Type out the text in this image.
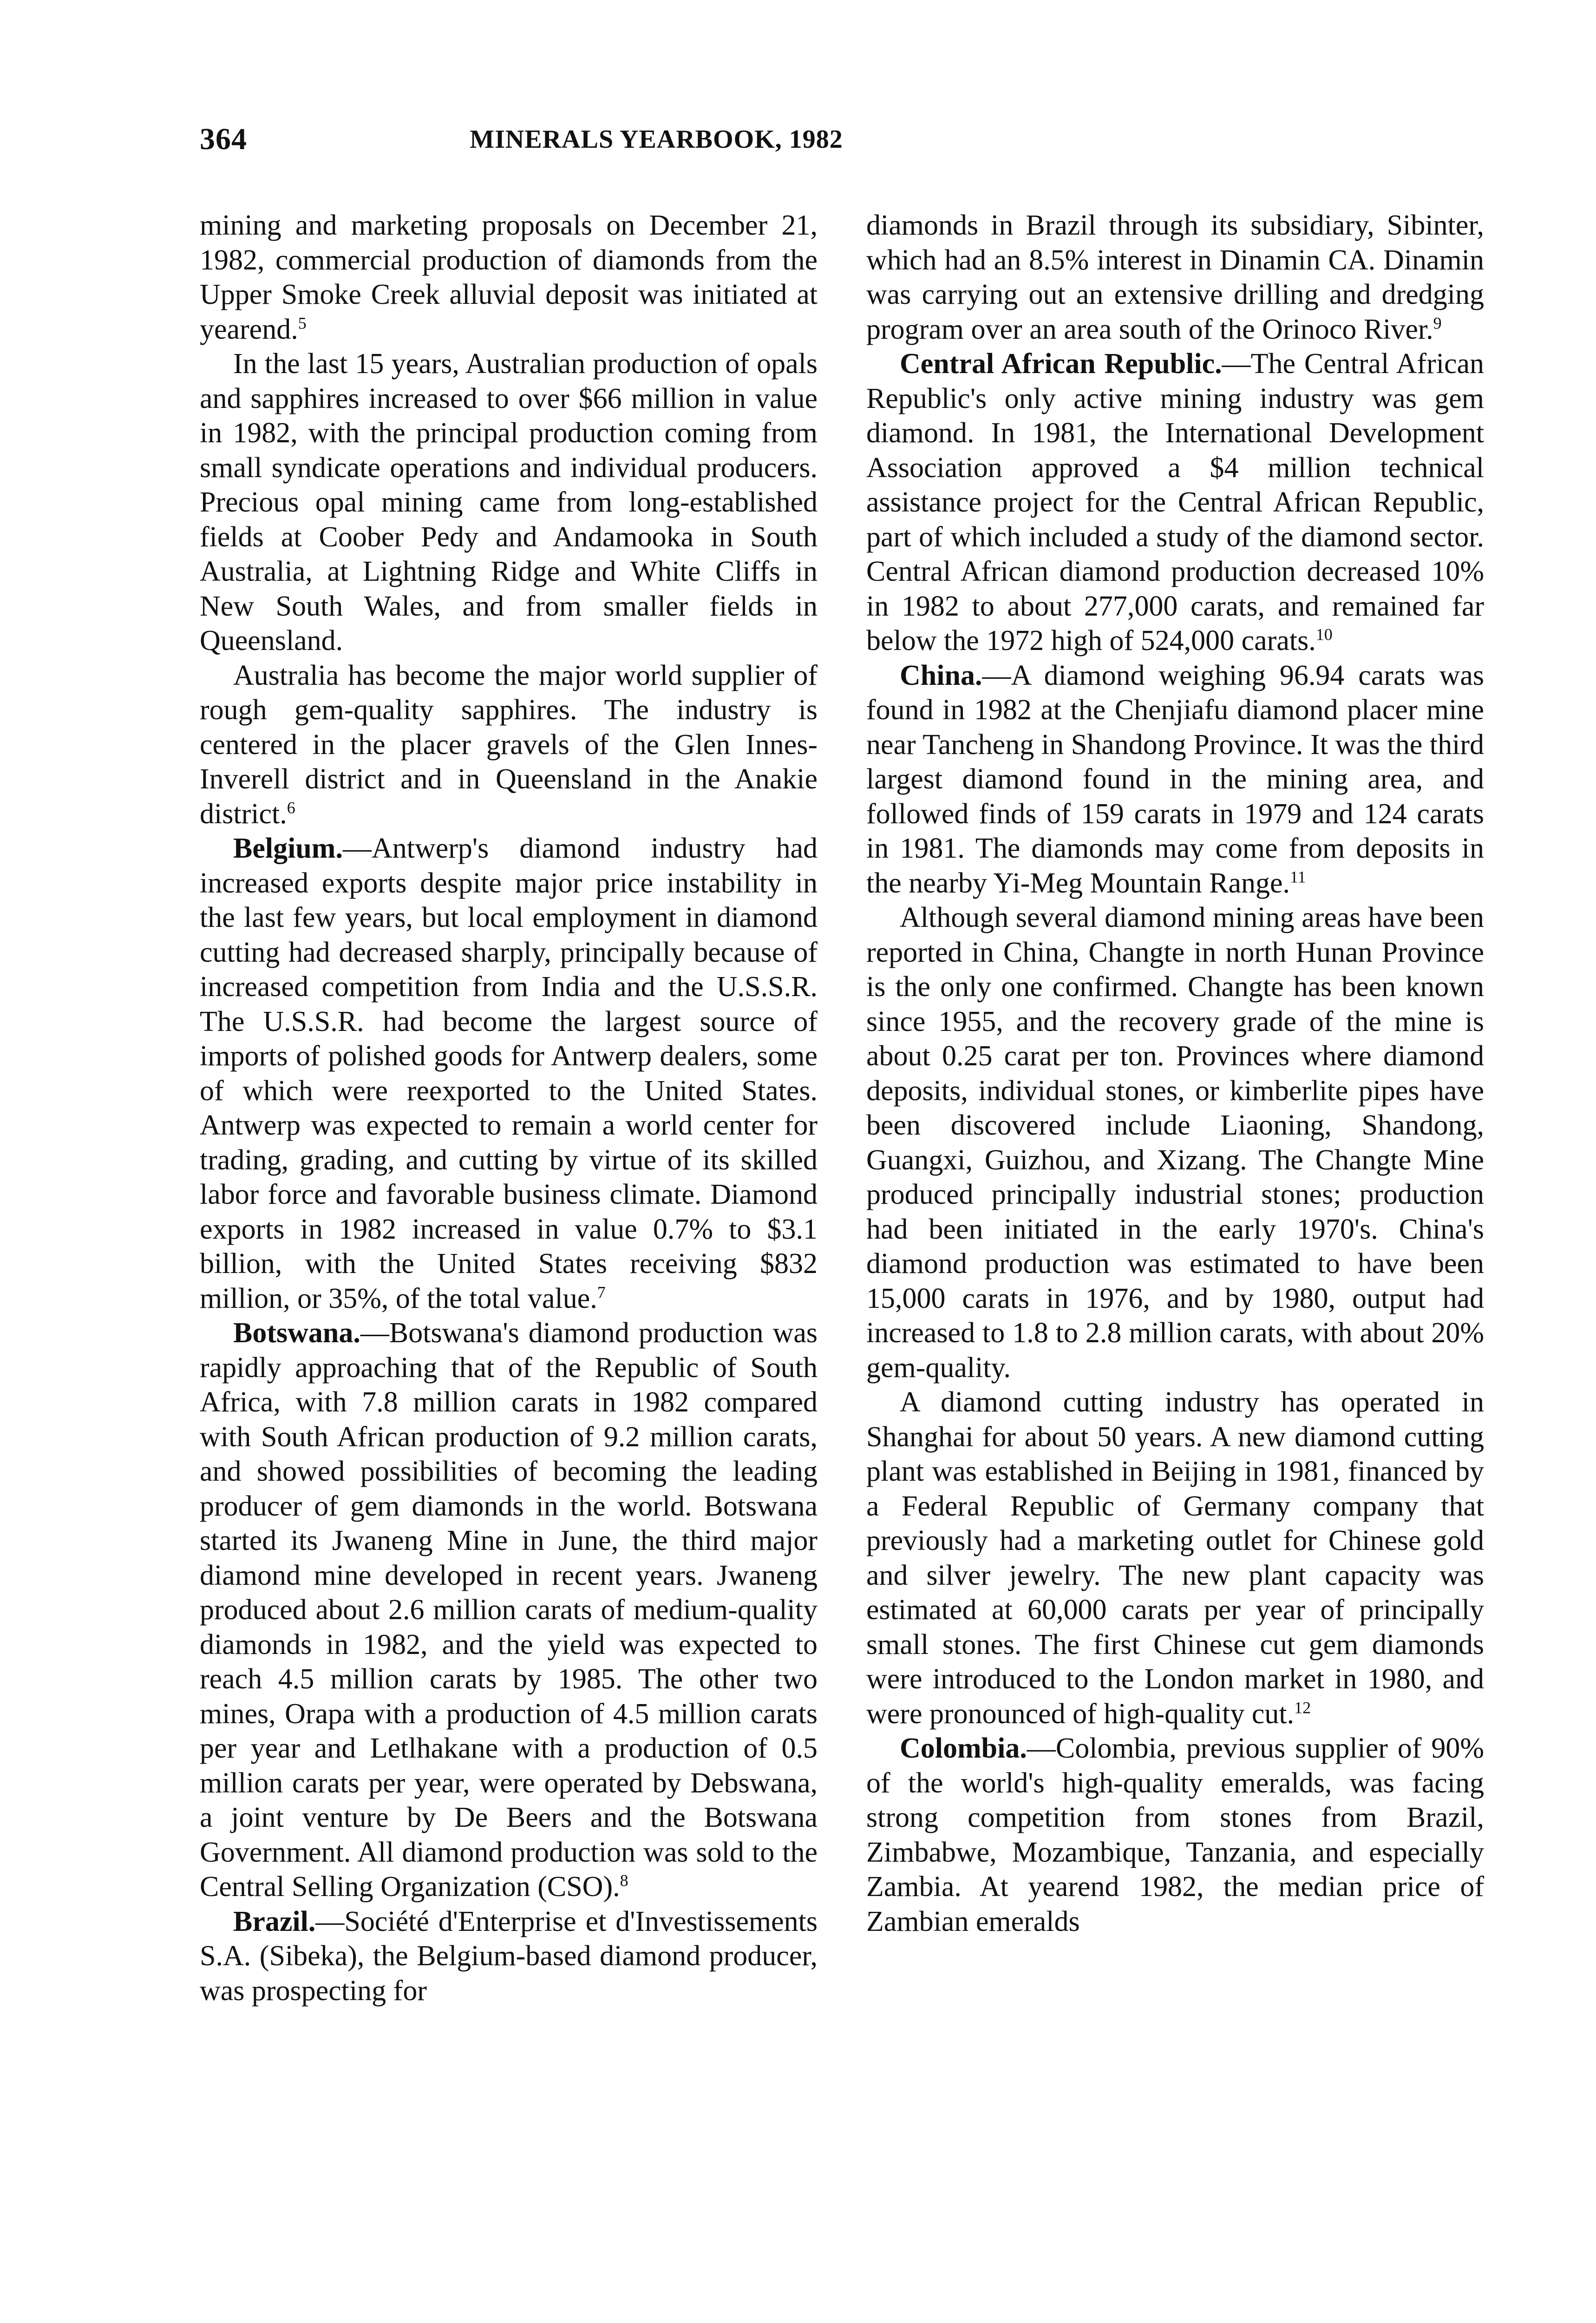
364	MINERALS YEARBOOK, 1982

mining and marketing proposals on December 21, 1982, commercial production of diamonds from the Upper Smoke Creek alluvial deposit was initiated at yearend.$^5$

In the last 15 years, Australian production of opals and sapphires increased to over $66 million in value in 1982, with the principal production coming from small syndicate operations and individual producers. Precious opal mining came from long-established fields at Coober Pedy and Andamooka in South Australia, at Lightning Ridge and White Cliffs in New South Wales, and from smaller fields in Queensland.

Australia has become the major world supplier of rough gem-quality sapphires. The industry is centered in the placer gravels of the Glen Innes-Inverell district and in Queensland in the Anakie district.$^6$

Belgium.—Antwerp's diamond industry had increased exports despite major price instability in the last few years, but local employment in diamond cutting had decreased sharply, principally because of increased competition from India and the U.S.S.R. The U.S.S.R. had become the largest source of imports of polished goods for Antwerp dealers, some of which were reexported to the United States. Antwerp was expected to remain a world center for trading, grading, and cutting by virtue of its skilled labor force and favorable business climate. Diamond exports in 1982 increased in value 0.7% to $3.1 billion, with the United States receiving $832 million, or 35%, of the total value.$^7$

Botswana.—Botswana's diamond production was rapidly approaching that of the Republic of South Africa, with 7.8 million carats in 1982 compared with South African production of 9.2 million carats, and showed possibilities of becoming the leading producer of gem diamonds in the world. Botswana started its Jwaneng Mine in June, the third major diamond mine developed in recent years. Jwaneng produced about 2.6 million carats of medium-quality diamonds in 1982, and the yield was expected to reach 4.5 million carats by 1985. The other two mines, Orapa with a production of 4.5 million carats per year and Letlhakane with a production of 0.5 million carats per year, were operated by Debswana, a joint venture by De Beers and the Botswana Government. All diamond production was sold to the Central Selling Organization (CSO).$^8$

Brazil.—Société d'Enterprise et d'Investissements S.A. (Sibeka), the Belgium-based diamond producer, was prospecting for

diamonds in Brazil through its subsidiary, Sibinter, which had an 8.5% interest in Dinamin CA. Dinamin was carrying out an extensive drilling and dredging program over an area south of the Orinoco River.$^9$

Central African Republic.—The Central African Republic's only active mining industry was gem diamond. In 1981, the International Development Association approved a $4 million technical assistance project for the Central African Republic, part of which included a study of the diamond sector. Central African diamond production decreased 10% in 1982 to about 277,000 carats, and remained far below the 1972 high of 524,000 carats.$^{10}$

China.—A diamond weighing 96.94 carats was found in 1982 at the Chenjiafu diamond placer mine near Tancheng in Shandong Province. It was the third largest diamond found in the mining area, and followed finds of 159 carats in 1979 and 124 carats in 1981. The diamonds may come from deposits in the nearby Yi-Meg Mountain Range.$^{11}$

Although several diamond mining areas have been reported in China, Changte in north Hunan Province is the only one confirmed. Changte has been known since 1955, and the recovery grade of the mine is about 0.25 carat per ton. Provinces where diamond deposits, individual stones, or kimberlite pipes have been discovered include Liaoning, Shandong, Guangxi, Guizhou, and Xizang. The Changte Mine produced principally industrial stones; production had been initiated in the early 1970's. China's diamond production was estimated to have been 15,000 carats in 1976, and by 1980, output had increased to 1.8 to 2.8 million carats, with about 20% gem-quality.

A diamond cutting industry has operated in Shanghai for about 50 years. A new diamond cutting plant was established in Beijing in 1981, financed by a Federal Republic of Germany company that previously had a marketing outlet for Chinese gold and silver jewelry. The new plant capacity was estimated at 60,000 carats per year of principally small stones. The first Chinese cut gem diamonds were introduced to the London market in 1980, and were pronounced of high-quality cut.$^{12}$

Colombia.—Colombia, previous supplier of 90% of the world's high-quality emeralds, was facing strong competition from stones from Brazil, Zimbabwe, Mozambique, Tanzania, and especially Zambia. At yearend 1982, the median price of Zambian emeralds
